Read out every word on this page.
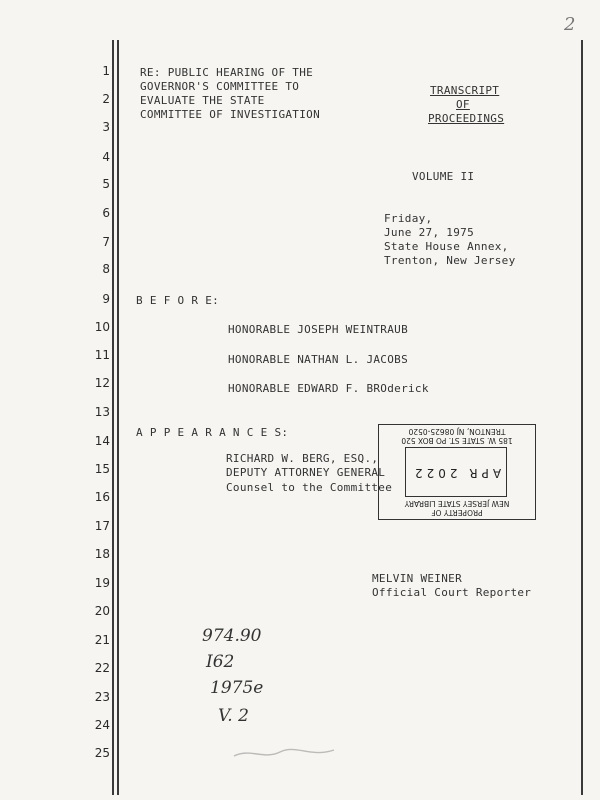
2
1
2
3
4
5
6
7
8
9
10
11
12
13
14
15
16
17
18
19
20
21
22
23
24
25
RE: PUBLIC HEARING OF THE
GOVERNOR'S COMMITTEE TO
EVALUATE THE STATE
COMMITTEE OF INVESTIGATION
TRANSCRIPT
OF
PROCEEDINGS
VOLUME II
Friday,
June 27, 1975
State House Annex,
Trenton, New Jersey
B E F O R E:
HONORABLE JOSEPH WEINTRAUB
HONORABLE NATHAN L. JACOBS
HONORABLE EDWARD F. BROderick
A P P E A R A N C E S:
RICHARD W. BERG, ESQ.,
DEPUTY ATTORNEY GENERAL
Counsel to the Committee
PROPERTY OF
NEW JERSEY STATE LIBRARY
APR 2022
185 W. STATE ST. PO BOX 520
TRENTON, NJ 08625-0520
MELVIN WEINER
Official Court Reporter
974.90
I62
1975e
V. 2
